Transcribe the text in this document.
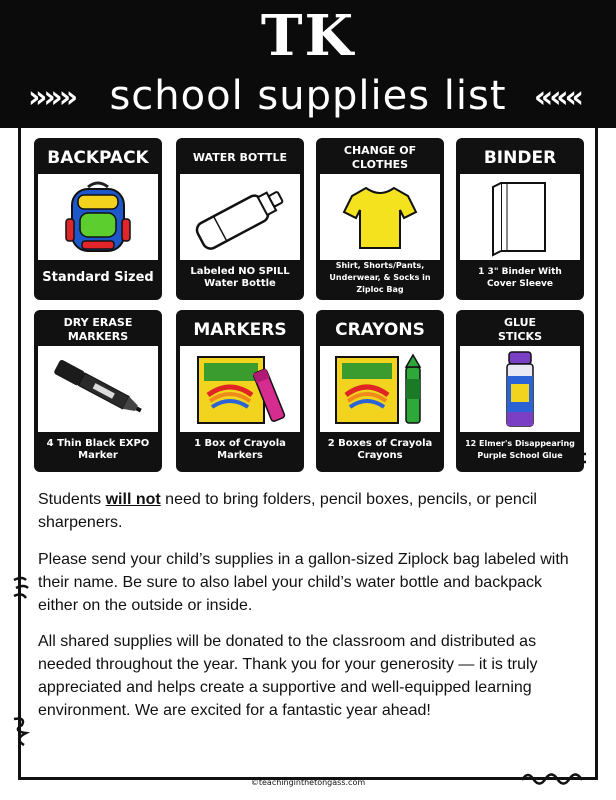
TK
»»» school supplies list «««
BACKPACK
Standard Sized
WATER BOTTLE
Labeled NO SPILL Water Bottle
CHANGE OF CLOTHES
Shirt, Shorts/Pants, Underwear, & Socks in Ziploc Bag
BINDER
1 3" Binder With Cover Sleeve
DRY ERASE MARKERS
4 Thin Black EXPO Marker
MARKERS
1 Box of Crayola Markers
CRAYONS
2 Boxes of Crayola Crayons
GLUE STICKS
12 Elmer's Disappearing Purple School Glue
Students will not need to bring folders, pencil boxes, pencils, or pencil sharpeners.
Please send your child’s supplies in a gallon-sized Ziplock bag labeled with their name. Be sure to also label your child’s water bottle and backpack either on the outside or inside.
All shared supplies will be donated to the classroom and distributed as needed throughout the year. Thank you for your generosity — it is truly appreciated and helps create a supportive and well-equipped learning environment. We are excited for a fantastic year ahead!
©teachinginthetongass.com
